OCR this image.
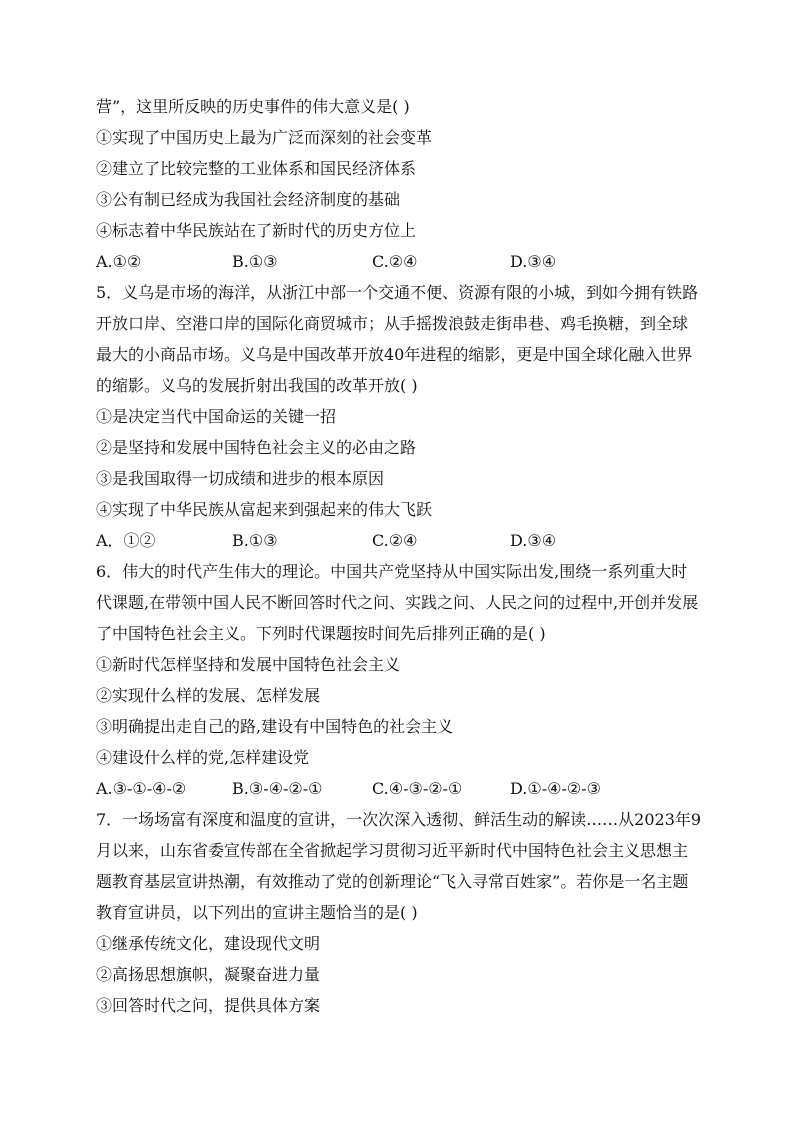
营”，这里所反映的历史事件的伟大意义是( )
①实现了中国历史上最为广泛而深刻的社会变革
②建立了比较完整的工业体系和国民经济体系
③公有制已经成为我国社会经济制度的基础
④标志着中华民族站在了新时代的历史方位上
A.①②	B.①③	C.②④	D.③④
5．义乌是市场的海洋，从浙江中部一个交通不便、资源有限的小城，到如今拥有铁路
开放口岸、空港口岸的国际化商贸城市；从手摇拨浪鼓走街串巷、鸡毛换糖，到全球
最大的小商品市场。义乌是中国改革开放40年进程的缩影，更是中国全球化融入世界
的缩影。义乌的发展折射出我国的改革开放( )
①是决定当代中国命运的关键一招
②是坚持和发展中国特色社会主义的必由之路
③是我国取得一切成绩和进步的根本原因
④实现了中华民族从富起来到强起来的伟大飞跃
A．①②	B.①③	C.②④	D.③④
6．伟大的时代产生伟大的理论。中国共产党坚持从中国实际出发,围绕一系列重大时
代课题,在带领中国人民不断回答时代之问、实践之问、人民之问的过程中,开创并发展
了中国特色社会主义。下列时代课题按时间先后排列正确的是( )
①新时代怎样坚持和发展中国特色社会主义
②实现什么样的发展、怎样发展
③明确提出走自己的路,建设有中国特色的社会主义
④建设什么样的党,怎样建设党
A.③-①-④-②	B.③-④-②-①	C.④-③-②-①	D.①-④-②-③
7．一场场富有深度和温度的宣讲，一次次深入透彻、鲜活生动的解读……从2023年9
月以来，山东省委宣传部在全省掀起学习贯彻习近平新时代中国特色社会主义思想主
题教育基层宣讲热潮，有效推动了党的创新理论“飞入寻常百姓家”。若你是一名主题
教育宣讲员，以下列出的宣讲主题恰当的是( )
①继承传统文化，建设现代文明
②高扬思想旗帜，凝聚奋进力量
③回答时代之问，提供具体方案
